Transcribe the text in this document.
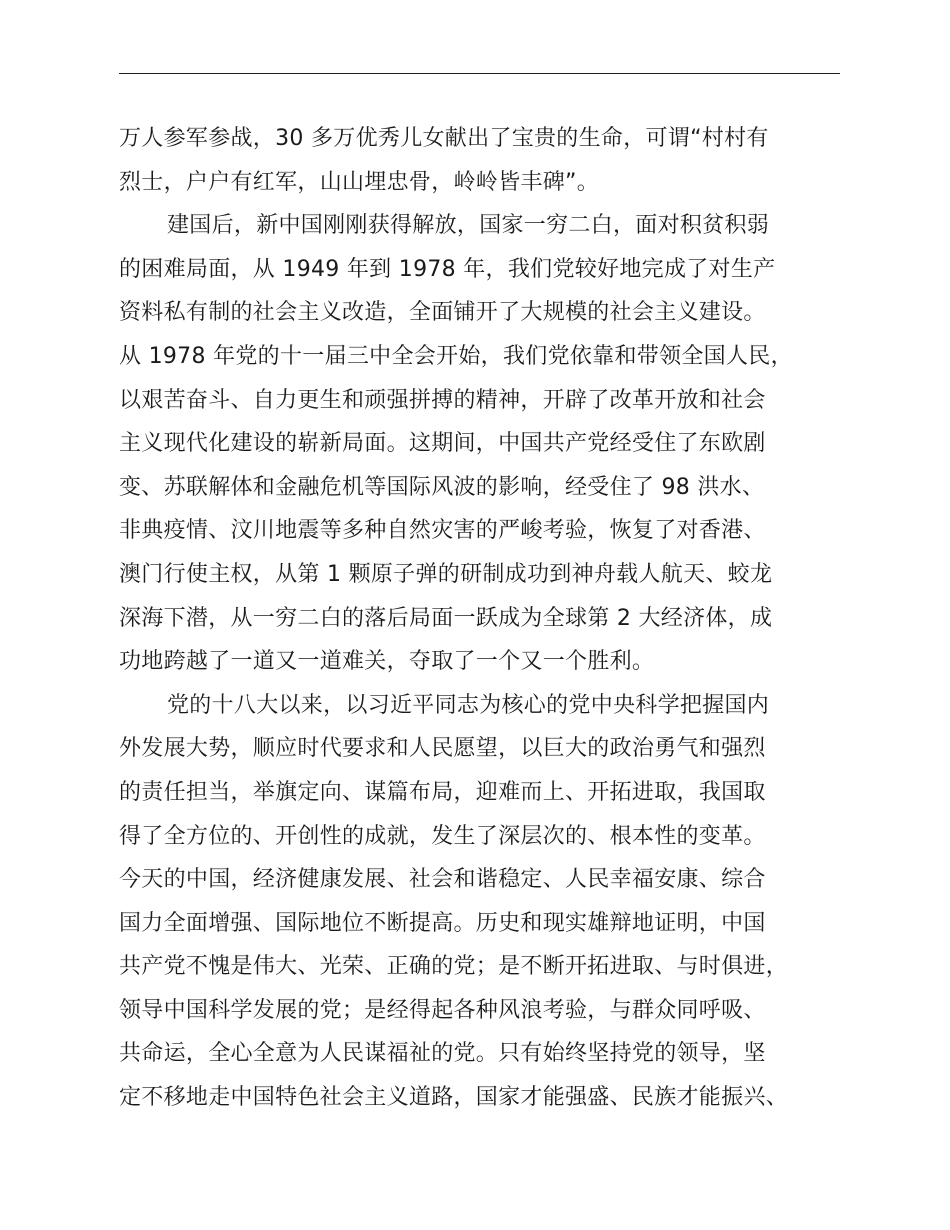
万人参军参战，30 多万优秀儿女献出了宝贵的生命，可谓“村村有
烈士，户户有红军，山山埋忠骨，岭岭皆丰碑”。
建国后，新中国刚刚获得解放，国家一穷二白，面对积贫积弱
的困难局面，从 1949 年到 1978 年，我们党较好地完成了对生产
资料私有制的社会主义改造，全面铺开了大规模的社会主义建设。
从 1978 年党的十一届三中全会开始，我们党依靠和带领全国人民，
以艰苦奋斗、自力更生和顽强拼搏的精神，开辟了改革开放和社会
主义现代化建设的崭新局面。这期间，中国共产党经受住了东欧剧
变、苏联解体和金融危机等国际风波的影响，经受住了 98 洪水、
非典疫情、汶川地震等多种自然灾害的严峻考验，恢复了对香港、
澳门行使主权，从第 1 颗原子弹的研制成功到神舟载人航天、蛟龙
深海下潜，从一穷二白的落后局面一跃成为全球第 2 大经济体，成
功地跨越了一道又一道难关，夺取了一个又一个胜利。
党的十八大以来，以习近平同志为核心的党中央科学把握国内
外发展大势，顺应时代要求和人民愿望，以巨大的政治勇气和强烈
的责任担当，举旗定向、谋篇布局，迎难而上、开拓进取，我国取
得了全方位的、开创性的成就，发生了深层次的、根本性的变革。
今天的中国，经济健康发展、社会和谐稳定、人民幸福安康、综合
国力全面增强、国际地位不断提高。历史和现实雄辩地证明，中国
共产党不愧是伟大、光荣、正确的党；是不断开拓进取、与时俱进，
领导中国科学发展的党；是经得起各种风浪考验，与群众同呼吸、
共命运，全心全意为人民谋福祉的党。只有始终坚持党的领导，坚
定不移地走中国特色社会主义道路，国家才能强盛、民族才能振兴、
